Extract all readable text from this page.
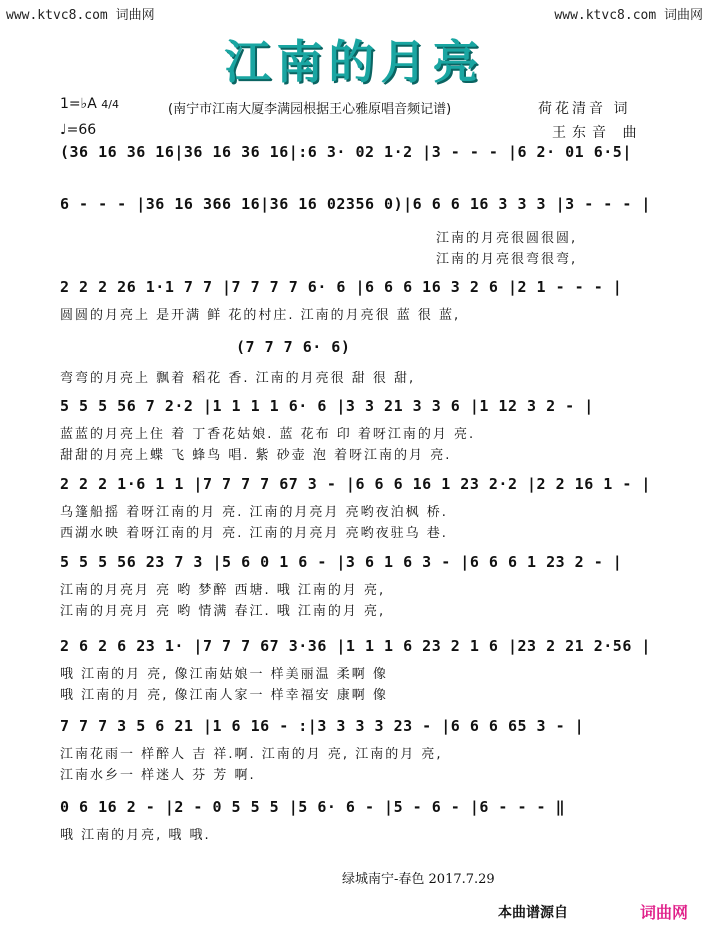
www.ktvc8.com 词曲网	www.ktvc8.com 词曲网
江南的月亮
1=♭A 4/4
♩=66
(南宁市江南大厦李满园根据王心雅原唱音频记谱)	荷花清音 词
王东音 曲
(36 16 36 16|36 16 36 16|:6 3· 02 1·2 |3 - - - |6 2· 01 6·5|
6 - - - |36 16 366 16|36 16 02356 0)|6 6 6 16 3 3 3 |3 - - - |
江南的月亮很圆很圆,
江南的月亮很弯很弯,
2 2 2 26 1·1 7 7 |7 7 7 7 6· 6 |6 6 6 16 3 2 6 |2 1 - - - |
圆圆的月亮上 是开满 鲜 花的村庄. 江南的月亮很 蓝 很 蓝,
(7 7 7 6· 6)
弯弯的月亮上 飘着 稻花 香. 江南的月亮很 甜 很 甜,
5 5 5 56 7 2·2 |1 1 1 1 6· 6 |3 3 21 3 3 6 |1 12 3 2 - |
蓝蓝的月亮上住 着 丁香花姑娘. 蓝 花布 印 着呀江南的月 亮.
甜甜的月亮上蝶 飞 蜂鸟 唱. 紫 砂壶 泡 着呀江南的月 亮.
2 2 2 1·6 1 1 |7 7 7 7 67 3 - |6 6 6 16 1 23 2·2 |2 2 16 1 - |
乌篷船摇 着呀江南的月 亮. 江南的月亮月 亮哟夜泊枫 桥.
西湖水映 着呀江南的月 亮. 江南的月亮月 亮哟夜驻乌 巷.
5 5 5 56 23 7 3 |5 6 0 1 6 - |3 6 1 6 3 - |6 6 6 1 23 2 - |
江南的月亮月 亮 哟 梦醉 西塘. 哦 江南的月 亮,
江南的月亮月 亮 哟 情满 春江. 哦 江南的月 亮,
2 6 2 6 23 1· |7 7 7 67 3·36 |1 1 1 6 23 2 1 6 |23 2 21 2·56 |
哦 江南的月 亮, 像江南姑娘一 样美丽温 柔啊 像
哦 江南的月 亮, 像江南人家一 样幸福安 康啊 像
7 7 7 3 5 6 21 |1 6 16 - :|3 3 3 3 23 - |6 6 6 65 3 - |
江南花雨一 样醉人 吉 祥.啊. 江南的月 亮, 江南的月 亮,
江南水乡一 样迷人 芬 芳 啊.
0 6 16 2 - |2 - 0 5 5 5 |5 6· 6 - |5 - 6 - |6 - - - ‖
哦 江南的月亮, 哦 哦.
绿城南宁-春色 2017.7.29
本曲谱源自	词曲网
